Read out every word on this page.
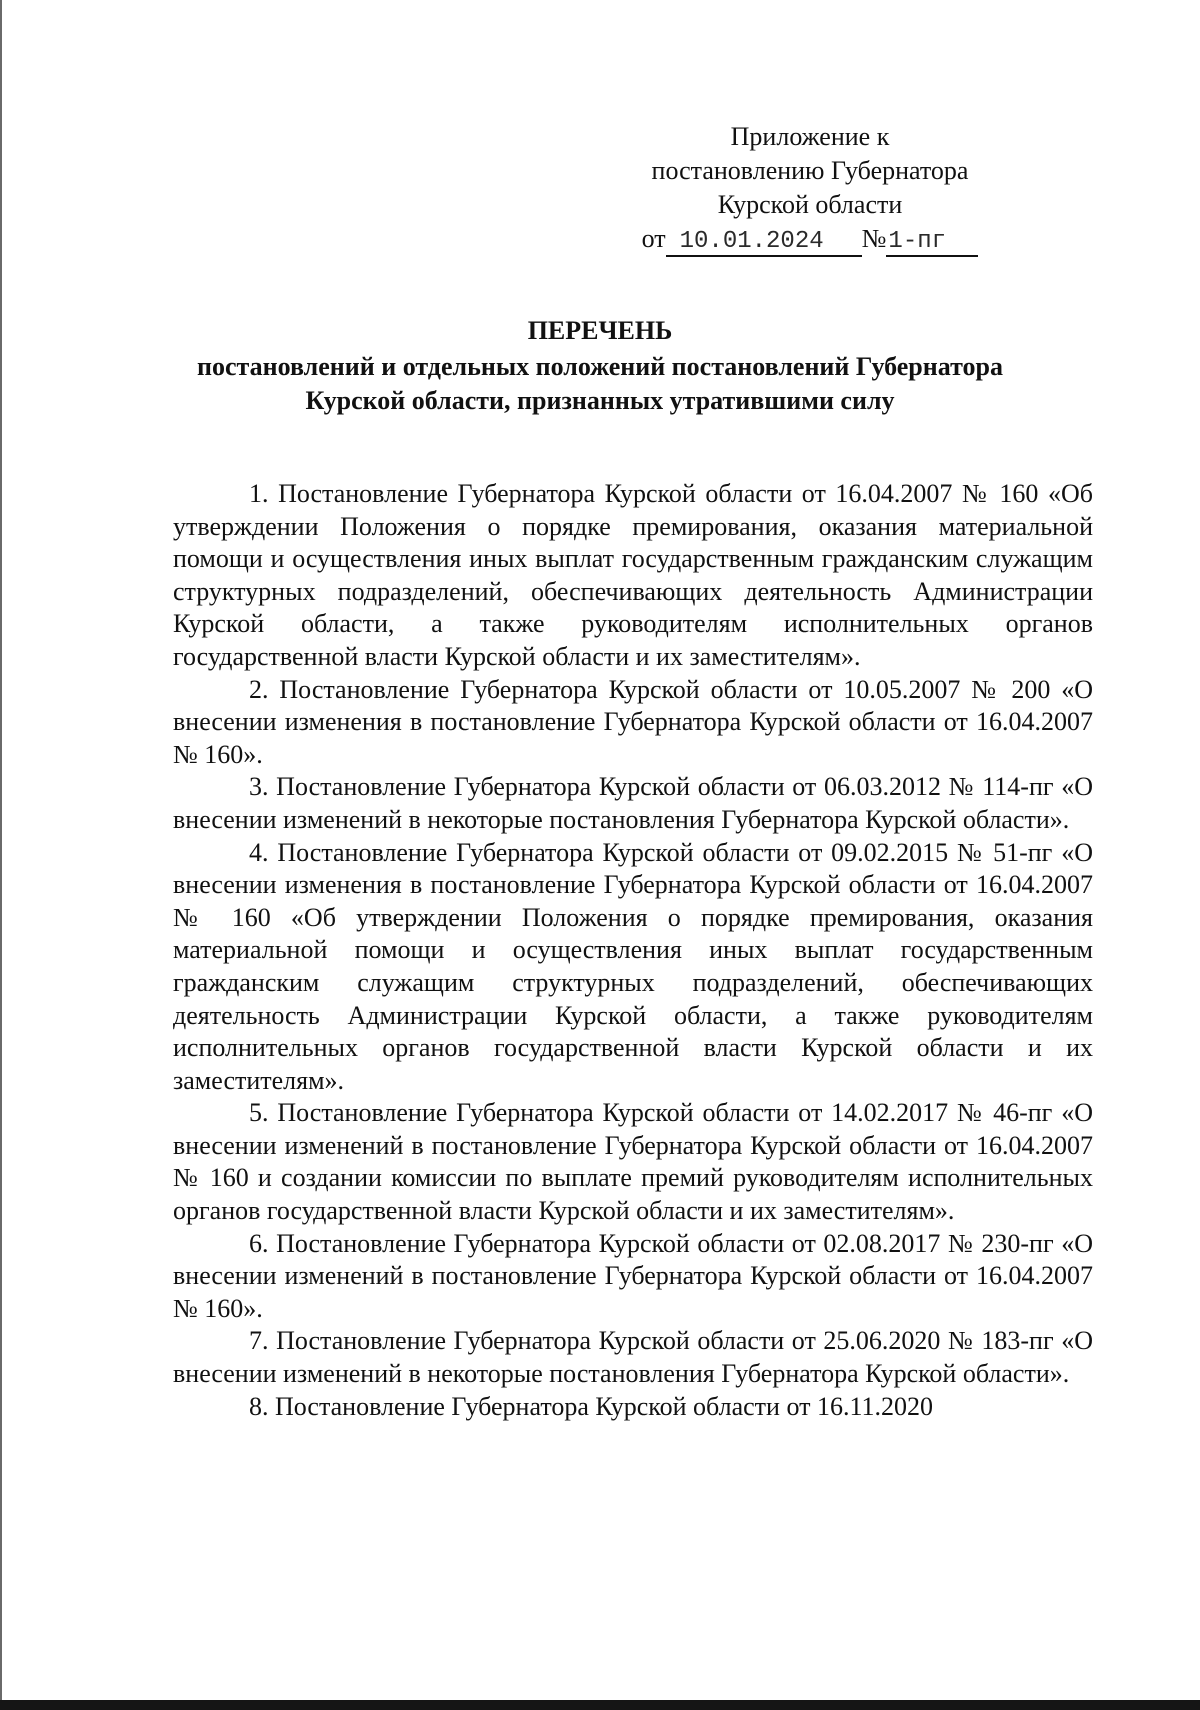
Приложение к
постановлению Губернатора
Курской области
от 10.01.2024 №1-пг
ПЕРЕЧЕНЬ
постановлений и отдельных положений постановлений Губернатора
Курской области, признанных утратившими силу

1. Постановление Губернатора Курской области от 16.04.2007 № 160 «Об утверждении Положения о порядке премирования, оказания материальной помощи и осуществления иных выплат государственным гражданским служащим структурных подразделений, обеспечивающих деятельность Администрации Курской области, а также руководителям исполнительных органов государственной власти Курской области и их заместителям».

2. Постановление Губернатора Курской области от 10.05.2007 № 200 «О внесении изменения в постановление Губернатора Курской области от 16.04.2007 № 160».

3. Постановление Губернатора Курской области от 06.03.2012 № 114-пг «О внесении изменений в некоторые постановления Губернатора Курской области».

4. Постановление Губернатора Курской области от 09.02.2015 № 51-пг «О внесении изменения в постановление Губернатора Курской области от 16.04.2007 № 160 «Об утверждении Положения о порядке премирования, оказания материальной помощи и осуществления иных выплат государственным гражданским служащим структурных подразделений, обеспечивающих деятельность Администрации Курской области, а также руководителям исполнительных органов государственной власти Курской области и их заместителям».

5. Постановление Губернатора Курской области от 14.02.2017 № 46-пг «О внесении изменений в постановление Губернатора Курской области от 16.04.2007 № 160 и создании комиссии по выплате премий руководителям исполнительных органов государственной власти Курской области и их заместителям».

6. Постановление Губернатора Курской области от 02.08.2017 № 230-пг «О внесении изменений в постановление Губернатора Курской области от 16.04.2007 № 160».

7. Постановление Губернатора Курской области от 25.06.2020 № 183-пг «О внесении изменений в некоторые постановления Губернатора Курской области».

8. Постановление Губернатора Курской области от 16.11.2020
